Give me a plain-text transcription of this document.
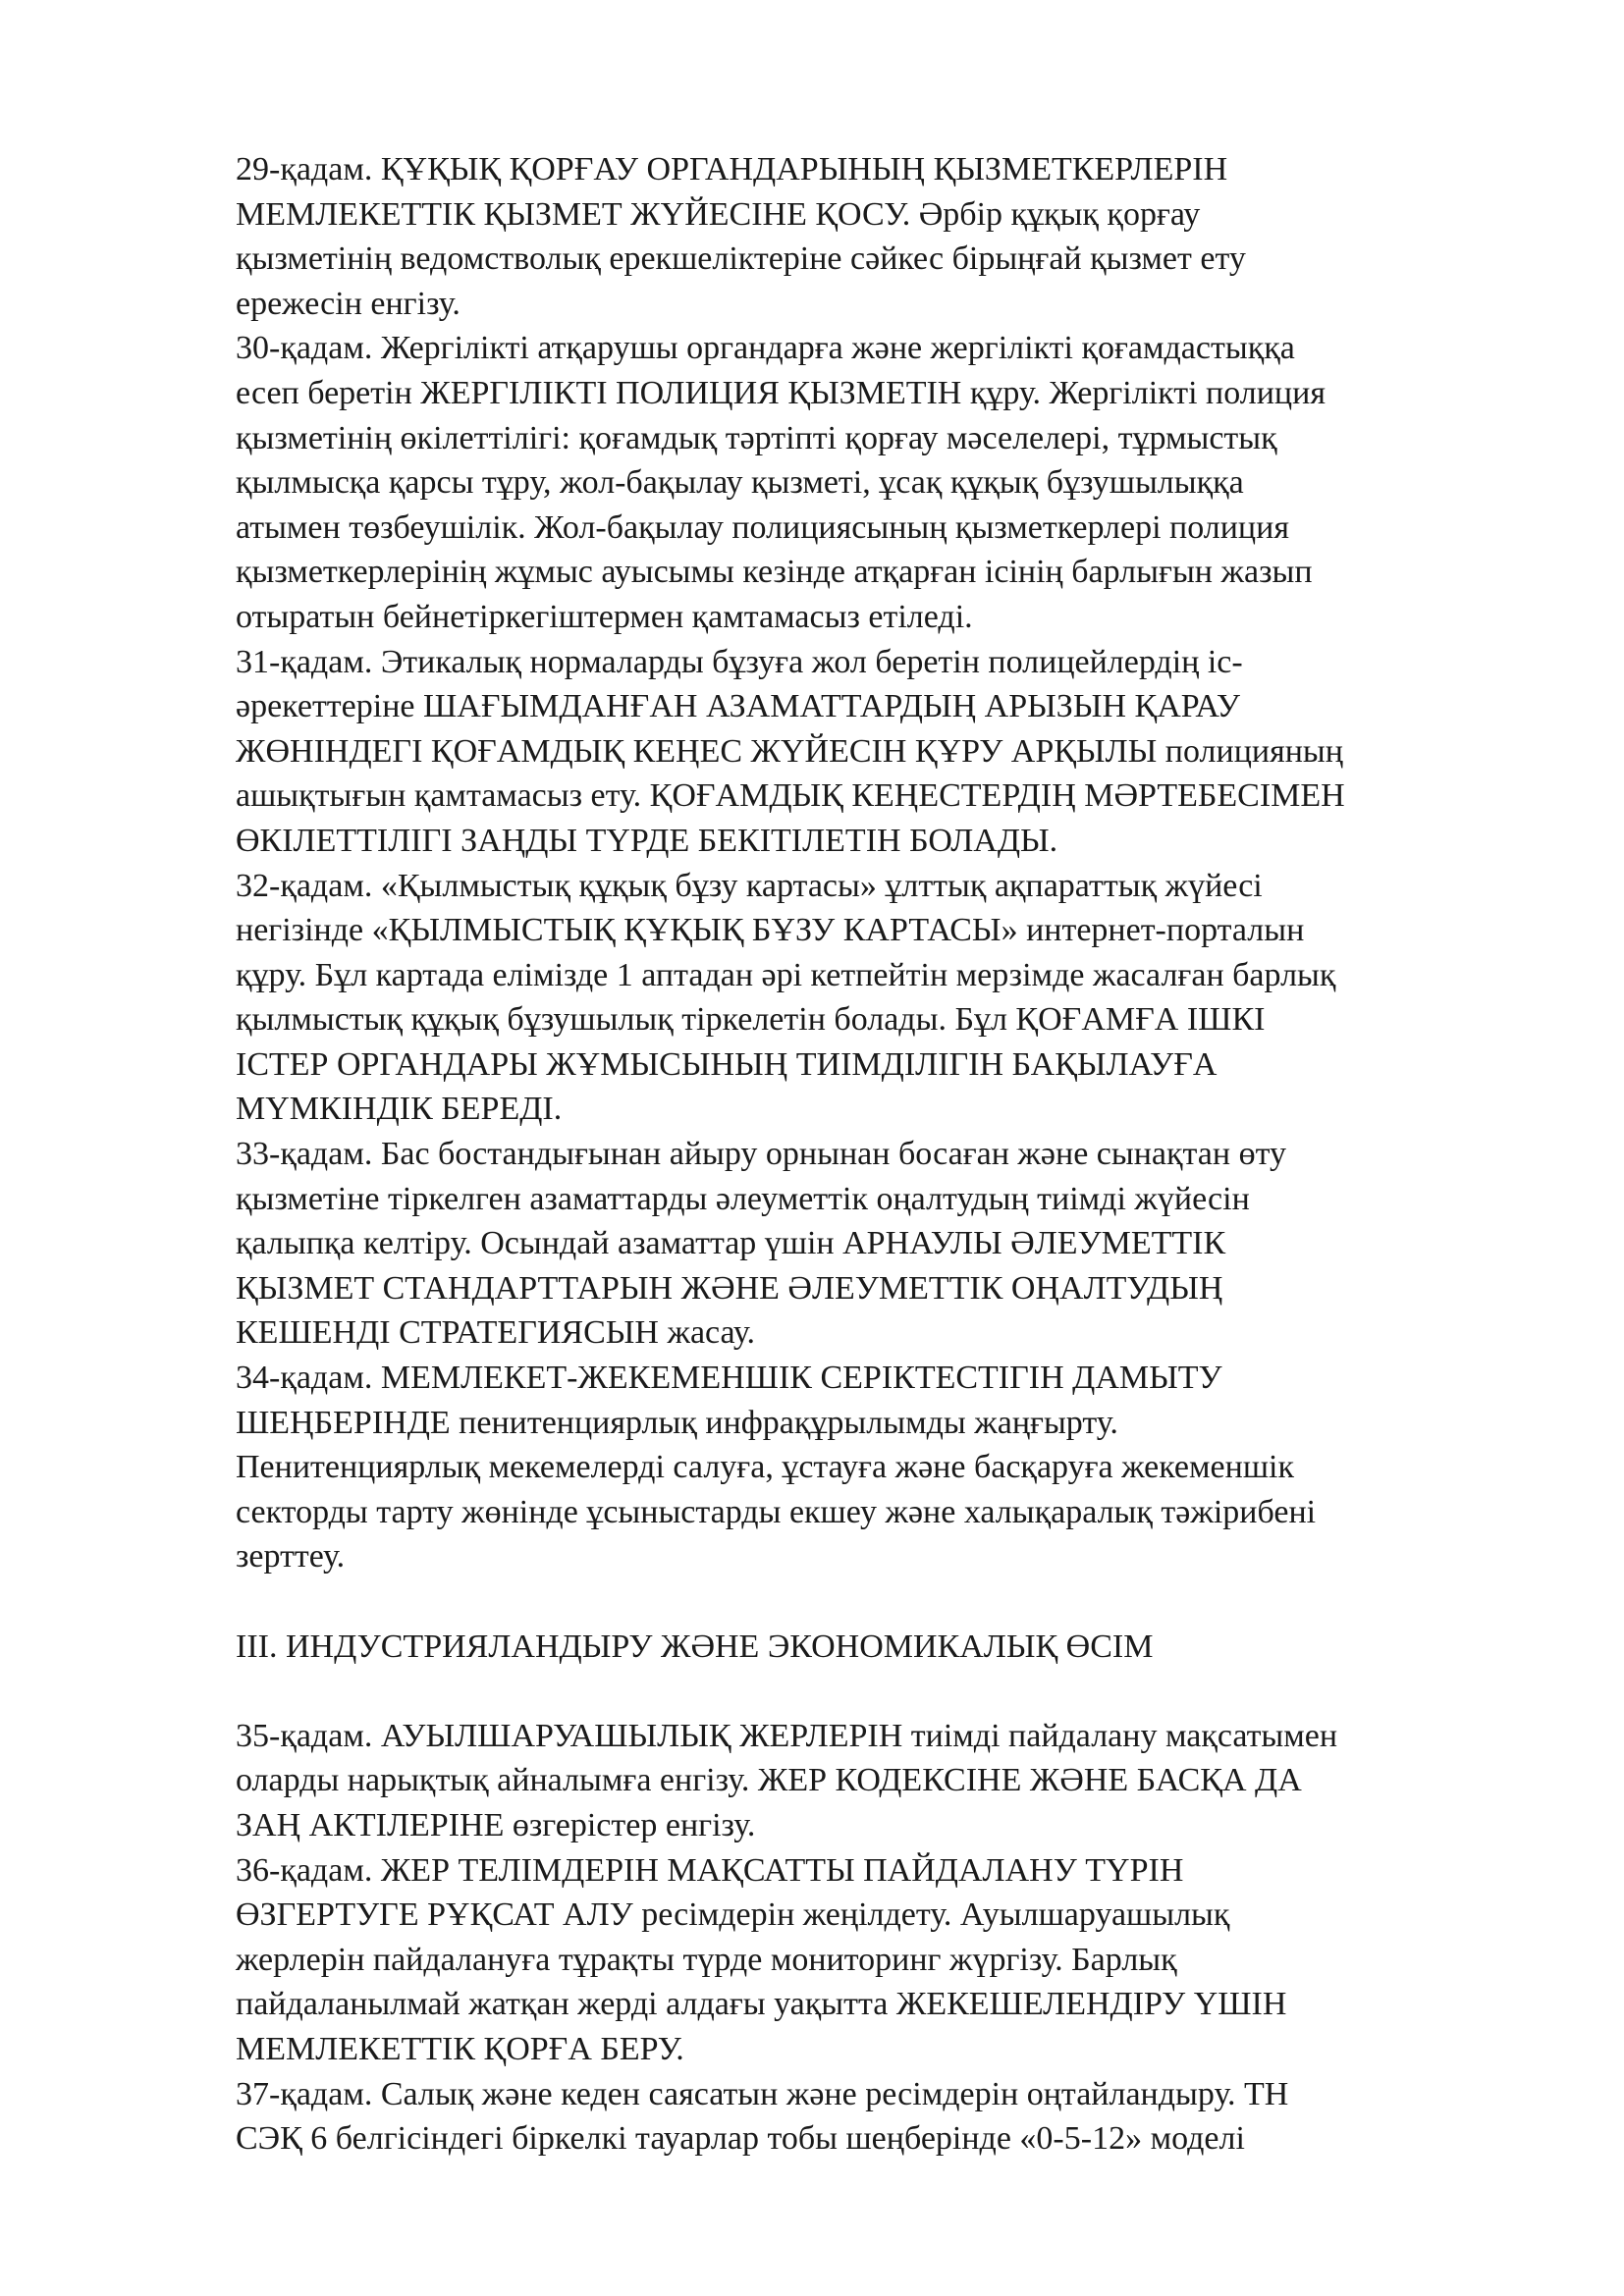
29-қадам. ҚҰҚЫҚ ҚОРҒАУ ОРГАНДАРЫНЫҢ ҚЫЗМЕТКЕРЛЕРІН
МЕМЛЕКЕТТІК ҚЫЗМЕТ ЖҮЙЕСІНЕ ҚОСУ. Әрбір құқық қорғау
қызметінің ведомстволық ерекшеліктеріне сәйкес бірыңғай қызмет ету
ережесін енгізу.

30-қадам. Жергілікті атқарушы органдарға және жергілікті қоғамдастыққа
есеп беретін ЖЕРГІЛІКТІ ПОЛИЦИЯ ҚЫЗМЕТІН құру. Жергілікті полиция
қызметінің өкілеттілігі: қоғамдық тәртіпті қорғау мәселелері, тұрмыстық
қылмысқа қарсы тұру, жол-бақылау қызметі, ұсақ құқық бұзушылыққа
атымен төзбеушілік. Жол-бақылау полициясының қызметкерлері полиция
қызметкерлерінің жұмыс ауысымы кезінде атқарған ісінің барлығын жазып
отыратын бейнетіркегіштермен қамтамасыз етіледі.

31-қадам. Этикалық нормаларды бұзуға жол беретін полицейлердің іс-
әрекеттеріне ШАҒЫМДАНҒАН АЗАМАТТАРДЫҢ АРЫЗЫН ҚАРАУ
ЖӨНІНДЕГІ ҚОҒАМДЫҚ КЕҢЕС ЖҮЙЕСІН ҚҰРУ АРҚЫЛЫ полицияның
ашықтығын қамтамасыз ету. ҚОҒАМДЫҚ КЕҢЕСТЕРДІҢ МӘРТЕБЕСІМЕН
ӨКІЛЕТТІЛІГІ ЗАҢДЫ ТҮРДЕ БЕКІТІЛЕТІН БОЛАДЫ.

32-қадам. «Қылмыстық құқық бұзу картасы» ұлттық ақпараттық жүйесі
негізінде «ҚЫЛМЫСТЫҚ ҚҰҚЫҚ БҰЗУ КАРТАСЫ» интернет-порталын
құру. Бұл картада елімізде 1 аптадан әрі кетпейтін мерзімде жасалған барлық
қылмыстық құқық бұзушылық тіркелетін болады. Бұл ҚОҒАМҒА ІШКІ
ІСТЕР ОРГАНДАРЫ ЖҰМЫСЫНЫҢ ТИІМДІЛІГІН БАҚЫЛАУҒА
МҮМКІНДІК БЕРЕДІ.

33-қадам. Бас бостандығынан айыру орнынан босаған және сынақтан өту
қызметіне тіркелген азаматтарды әлеуметтік оңалтудың тиімді жүйесін
қалыпқа келтіру. Осындай азаматтар үшін АРНАУЛЫ ӘЛЕУМЕТТІК
ҚЫЗМЕТ СТАНДАРТТАРЫН ЖӘНЕ ӘЛЕУМЕТТІК ОҢАЛТУДЫҢ
КЕШЕНДІ СТРАТЕГИЯСЫН жасау.

34-қадам. МЕМЛЕКЕТ-ЖЕКЕМЕНШІК СЕРІКТЕСТІГІН ДАМЫТУ
ШЕҢБЕРІНДЕ пенитенциярлық инфрақұрылымды жаңғырту.
Пенитенциярлық мекемелерді салуға, ұстауға және басқаруға жекеменшік
секторды тарту жөнінде ұсыныстарды екшеу және халықаралық тәжірибені
зерттеу.

III. ИНДУСТРИЯЛАНДЫРУ ЖӘНЕ ЭКОНОМИКАЛЫҚ ӨСІМ

35-қадам. АУЫЛШАРУАШЫЛЫҚ ЖЕРЛЕРІН тиімді пайдалану мақсатымен
оларды нарықтық айналымға енгізу. ЖЕР КОДЕКСІНЕ ЖӘНЕ БАСҚА ДА
ЗАҢ АКТІЛЕРІНЕ өзгерістер енгізу.

36-қадам. ЖЕР ТЕЛІМДЕРІН МАҚСАТТЫ ПАЙДАЛАНУ ТҮРІН
ӨЗГЕРТУГЕ РҰҚСАТ АЛУ ресімдерін жеңілдету. Ауылшаруашылық
жерлерін пайдалануға тұрақты түрде мониторинг жүргізу. Барлық
пайдаланылмай жатқан жерді алдағы уақытта ЖЕКЕШЕЛЕНДІРУ ҮШІН
МЕМЛЕКЕТТІК ҚОРҒА БЕРУ.

37-қадам. Салық және кеден саясатын және ресімдерін оңтайландыру. ТН
СЭҚ 6 белгісіндегі біркелкі тауарлар тобы шеңберінде «0-5-12» моделі
